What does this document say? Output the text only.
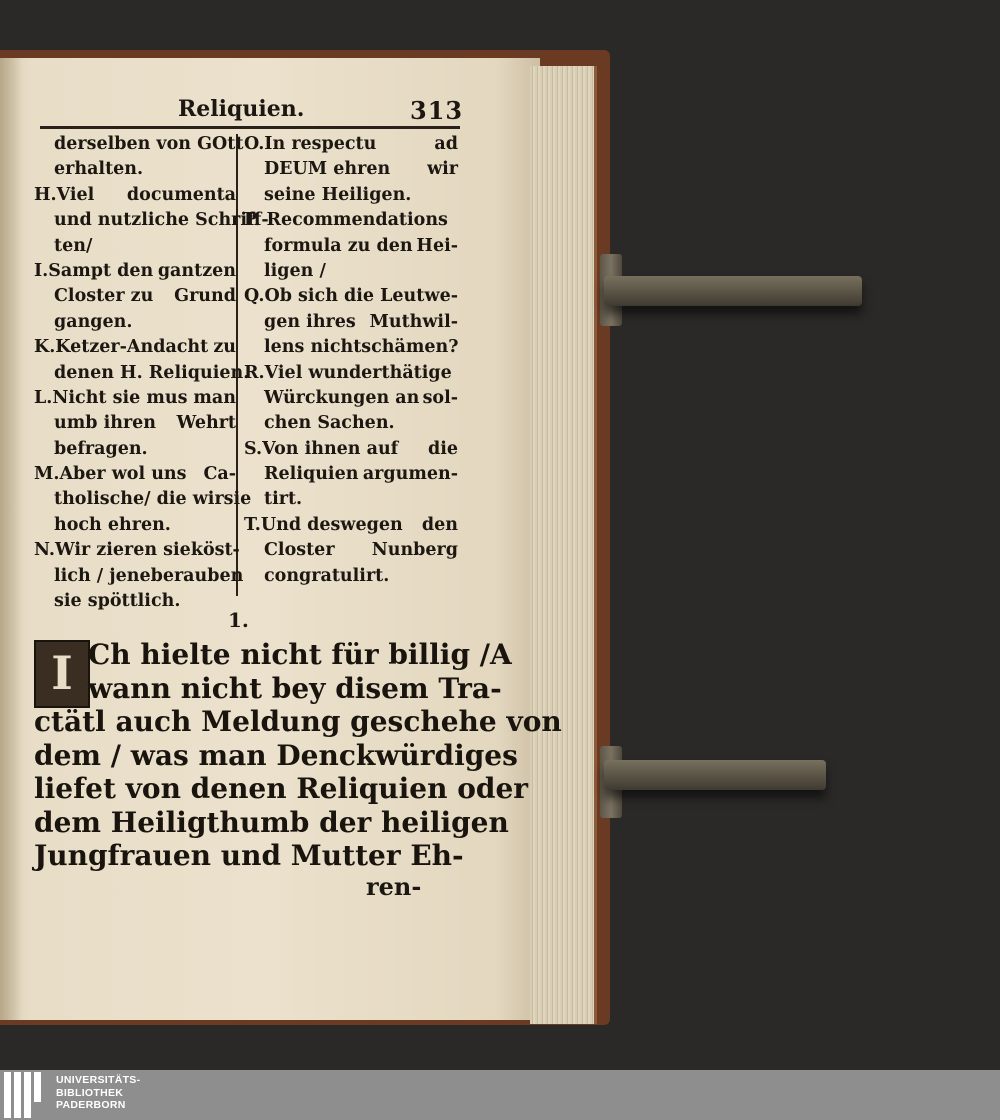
Reliquien.	313
derselben von GOtt
erhalten.
H.Viel documenta
und nutzliche Schriff-
ten/
I.Sampt den gantzen
Closter zu Grund
gangen.
K.Ketzer-Andacht zu
denen H. Reliquien.
L.Nicht sie mus man
umb ihren Wehrt
befragen.
M.Aber wol uns Ca-
tholische/ die wir sie
hoch ehren.
N.Wir zieren sie köst-
lich / jene berauben
sie spöttlich.
O.In respectu	ad
DEUM ehren wir
seine Heiligen.
P. Recommendations
formula zu den Hei-
ligen /
Q.Ob sich die Leut we-
gen ihres Muthwil-
lens nicht schämen?
R.Viel wunderthätige
Würckungen an sol-
chen Sachen.
S.Von ihnen auf die
Reliquien argumen-
tirt.
T.Und deswegen den
Closter Nunberg
congratulirt.
1.
I Ch hielte nicht für billig / A
wann nicht bey disem Tra-
ctätl auch Meldung geschehe von
dem / was man Denckwürdiges
liefet von denen Reliquien oder
dem Heiligthumb der heiligen
Jungfrauen und Mutter Eh-
ren-
UNIVERSITÄTS-
BIBLIOTHEK
PADERBORN
